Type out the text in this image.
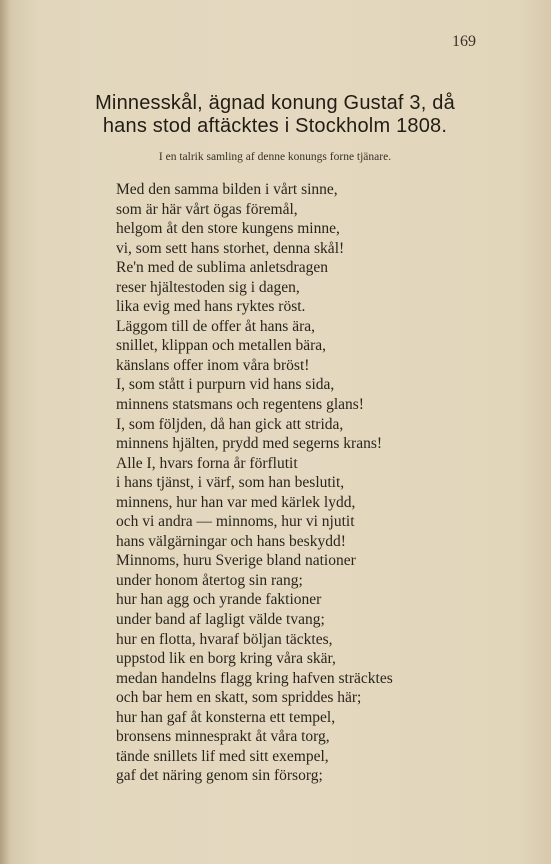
169
Minnesskål, ägnad konung Gustaf 3, då
hans stod aftäcktes i Stockholm 1808.
I en talrik samling af denne konungs forne tjänare.
Med den samma bilden i vårt sinne,
som är här vårt ögas föremål,
helgom åt den store kungens minne,
vi, som sett hans storhet, denna skål!
Re'n med de sublima anletsdragen
reser hjältestoden sig i dagen,
lika evig med hans ryktes röst.
Läggom till de offer åt hans ära,
snillet, klippan och metallen bära,
känslans offer inom våra bröst!
I, som stått i purpurn vid hans sida,
minnens statsmans och regentens glans!
I, som följden, då han gick att strida,
minnens hjälten, prydd med segerns krans!
Alle I, hvars forna år förflutit
i hans tjänst, i värf, som han beslutit,
minnens, hur han var med kärlek lydd,
och vi andra — minnoms, hur vi njutit
hans välgärningar och hans beskydd!
Minnoms, huru Sverige bland nationer
under honom återtog sin rang;
hur han agg och yrande faktioner
under band af lagligt välde tvang;
hur en flotta, hvaraf böljan täcktes,
uppstod lik en borg kring våra skär,
medan handelns flagg kring hafven sträcktes
och bar hem en skatt, som spriddes här;
hur han gaf åt konsterna ett tempel,
bronsens minnesprakt åt våra torg,
tände snillets lif med sitt exempel,
gaf det näring genom sin försorg;
